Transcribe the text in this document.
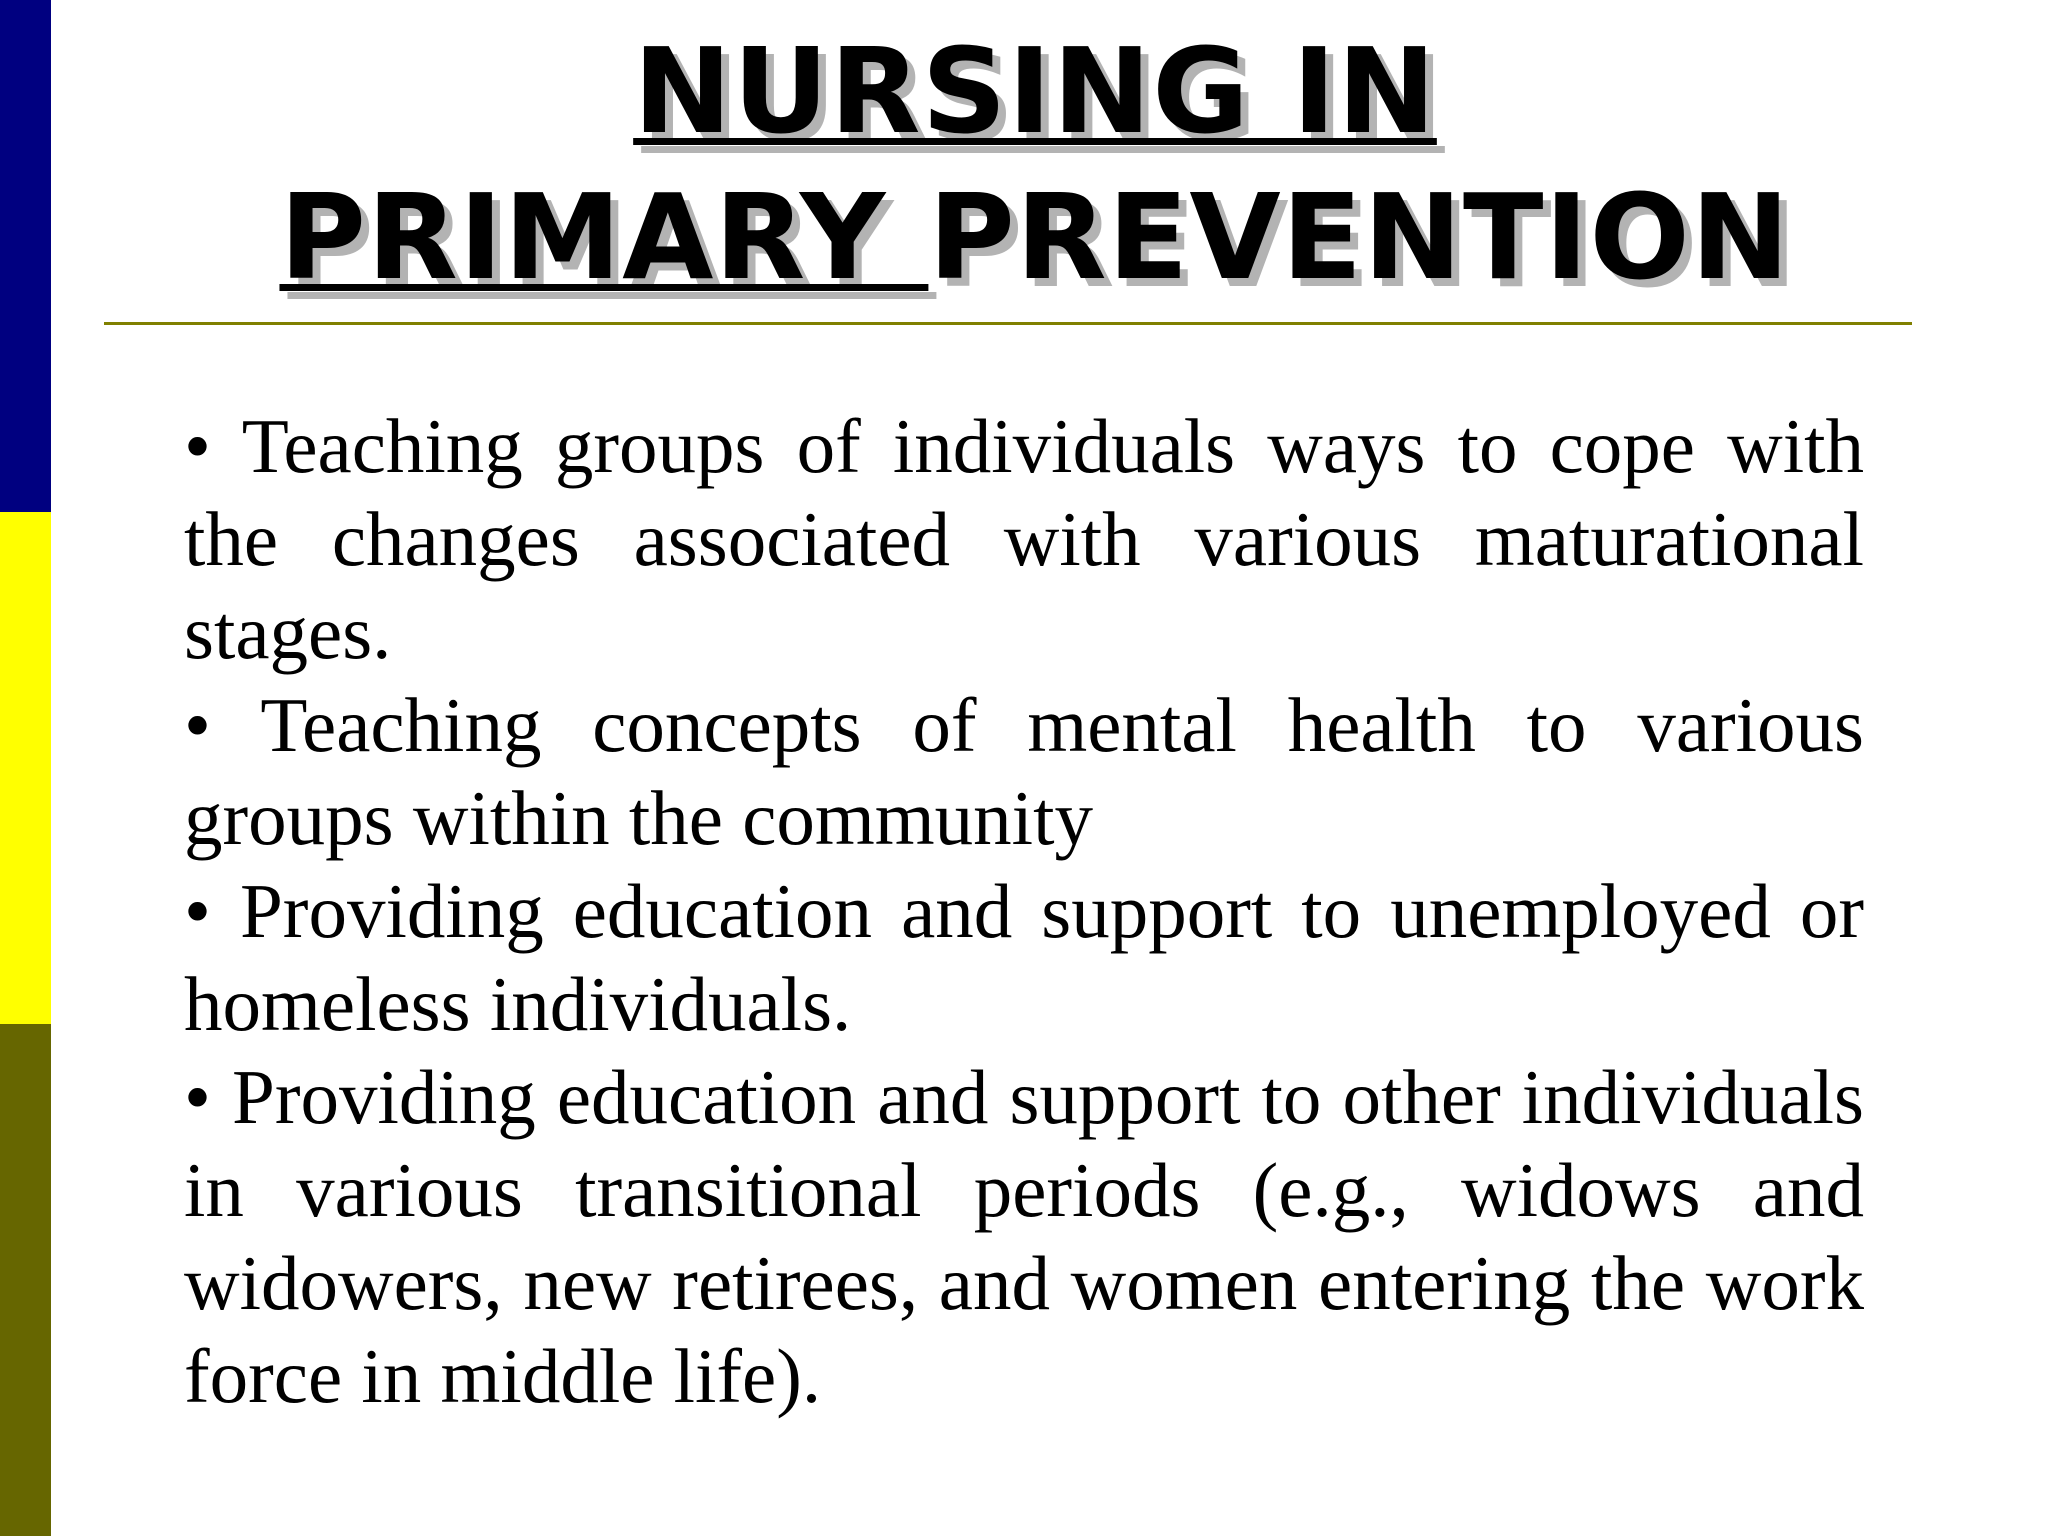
NURSING IN
PRIMARY PREVENTION

• Teaching groups of individuals ways to cope with the changes associated with various maturational stages.

• Teaching concepts of mental health to various groups within the community

• Providing education and support to unemployed or homeless individuals.

• Providing education and support to other individuals in various transitional periods (e.g., widows and widowers, new retirees, and women entering the work force in middle life).
